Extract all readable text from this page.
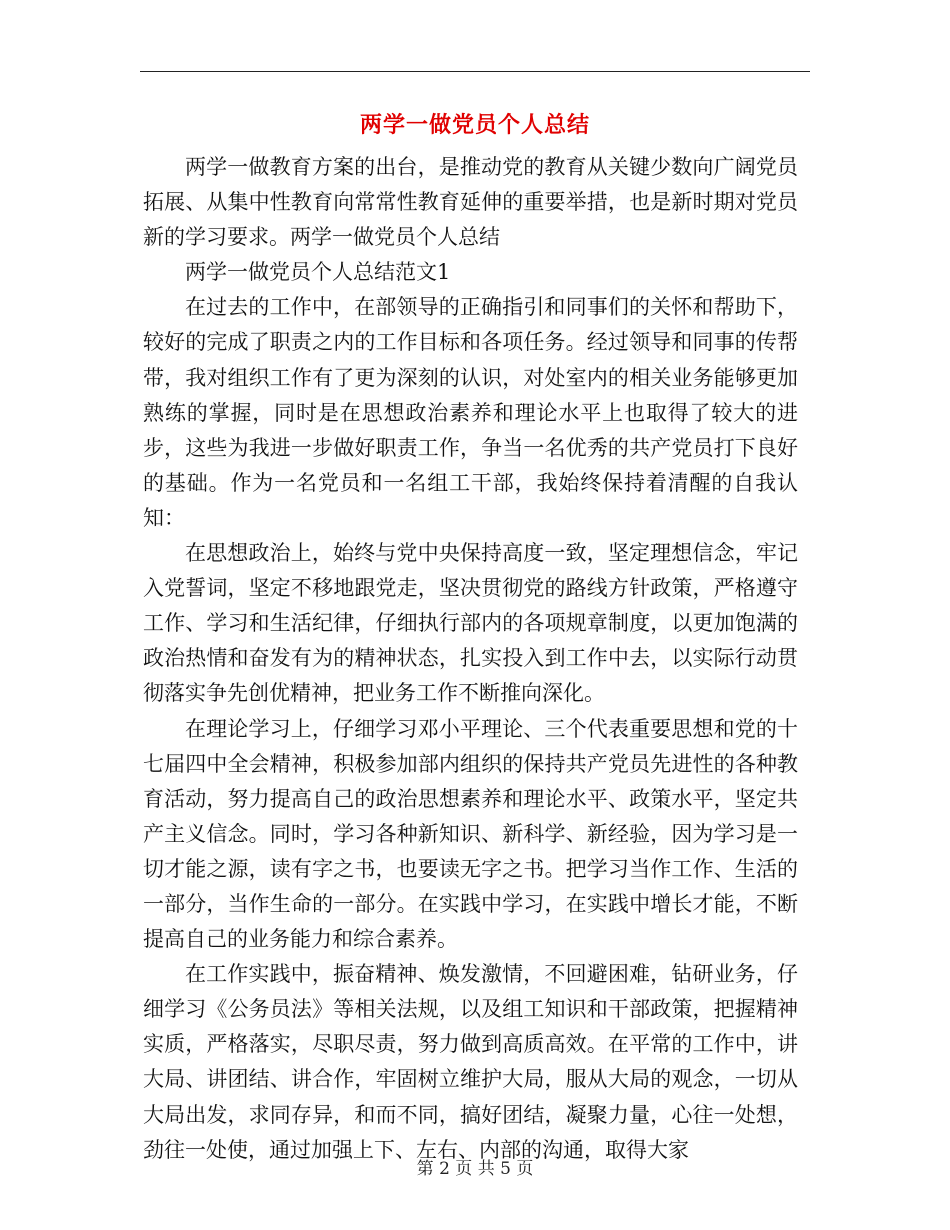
两学一做党员个人总结

两学一做教育方案的出台，是推动党的教育从关键少数向广阔党员拓展、从集中性教育向常常性教育延伸的重要举措，也是新时期对党员新的学习要求。两学一做党员个人总结

两学一做党员个人总结范文1

在过去的工作中，在部领导的正确指引和同事们的关怀和帮助下，较好的完成了职责之内的工作目标和各项任务。经过领导和同事的传帮带，我对组织工作有了更为深刻的认识，对处室内的相关业务能够更加熟练的掌握，同时是在思想政治素养和理论水平上也取得了较大的进步，这些为我进一步做好职责工作，争当一名优秀的共产党员打下良好的基础。作为一名党员和一名组工干部，我始终保持着清醒的自我认知：

在思想政治上，始终与党中央保持高度一致，坚定理想信念，牢记入党誓词，坚定不移地跟党走，坚决贯彻党的路线方针政策，严格遵守工作、学习和生活纪律，仔细执行部内的各项规章制度，以更加饱满的政治热情和奋发有为的精神状态，扎实投入到工作中去，以实际行动贯彻落实争先创优精神，把业务工作不断推向深化。

在理论学习上，仔细学习邓小平理论、三个代表重要思想和党的十七届四中全会精神，积极参加部内组织的保持共产党员先进性的各种教育活动，努力提高自己的政治思想素养和理论水平、政策水平，坚定共产主义信念。同时，学习各种新知识、新科学、新经验，因为学习是一切才能之源，读有字之书，也要读无字之书。把学习当作工作、生活的一部分，当作生命的一部分。在实践中学习，在实践中增长才能，不断提高自己的业务能力和综合素养。

在工作实践中，振奋精神、焕发激情，不回避困难，钻研业务，仔细学习《公务员法》等相关法规，以及组工知识和干部政策，把握精神实质，严格落实，尽职尽责，努力做到高质高效。在平常的工作中，讲大局、讲团结、讲合作，牢固树立维护大局，服从大局的观念，一切从大局出发，求同存异，和而不同，搞好团结，凝聚力量，心往一处想，劲往一处使，通过加强上下、左右、内部的沟通，取得大家

第 2 页 共 5 页
